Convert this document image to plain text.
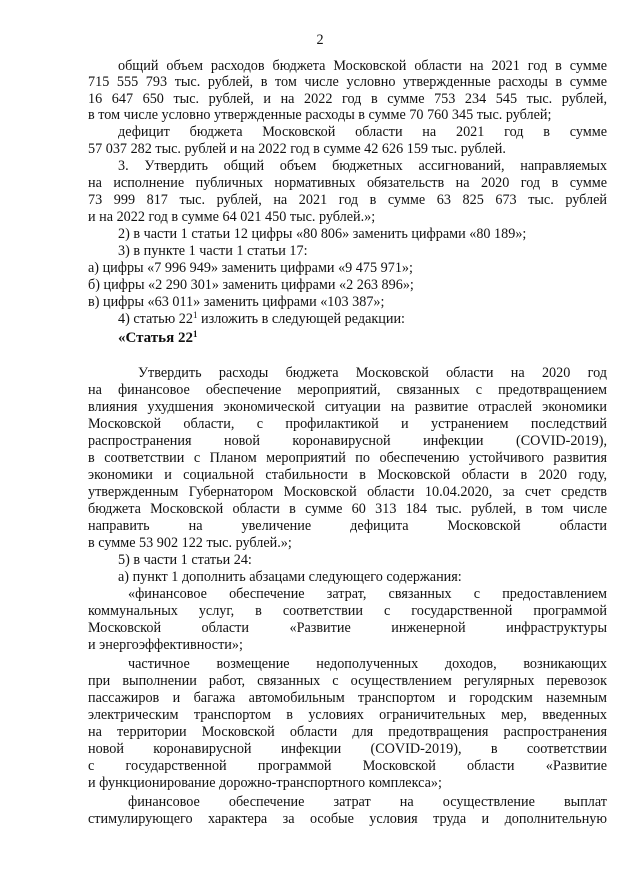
2
общий объем расходов бюджета Московской области на 2021 год в сумме
715 555 793 тыс. рублей, в том числе условно утвержденные расходы в сумме
16 647 650 тыс. рублей, и на 2022 год в сумме 753 234 545 тыс. рублей,
в том числе условно утвержденные расходы в сумме 70 760 345 тыс. рублей;
дефицит бюджета Московской области на 2021 год в сумме
57 037 282 тыс. рублей и на 2022 год в сумме 42 626 159 тыс. рублей.
3. Утвердить общий объем бюджетных ассигнований, направляемых
на исполнение публичных нормативных обязательств на 2020 год в сумме
73 999 817 тыс. рублей, на 2021 год в сумме 63 825 673 тыс. рублей
и на 2022 год в сумме 64 021 450 тыс. рублей.»;
2) в части 1 статьи 12 цифры «80 806» заменить цифрами «80 189»;
3) в пункте 1 части 1 статьи 17:
а) цифры «7 996 949» заменить цифрами «9 475 971»;
б) цифры «2 290 301» заменить цифрами «2 263 896»;
в) цифры «63 011» заменить цифрами «103 387»;
4) статью $22^1$ изложить в следующей редакции:
«Статья $22^1$
Утвердить расходы бюджета Московской области на 2020 год
на финансовое обеспечение мероприятий, связанных с предотвращением
влияния ухудшения экономической ситуации на развитие отраслей экономики
Московской области, с профилактикой и устранением последствий
распространения новой коронавирусной инфекции (COVID-2019),
в соответствии с Планом мероприятий по обеспечению устойчивого развития
экономики и социальной стабильности в Московской области в 2020 году,
утвержденным Губернатором Московской области 10.04.2020, за счет средств
бюджета Московской области в сумме 60 313 184 тыс. рублей, в том числе
направить на увеличение дефицита Московской области
в сумме 53 902 122 тыс. рублей.»;
5) в части 1 статьи 24:
а) пункт 1 дополнить абзацами следующего содержания:
«финансовое обеспечение затрат, связанных с предоставлением
коммунальных услуг, в соответствии с государственной программой
Московской области «Развитие инженерной инфраструктуры
и энергоэффективности»;
частичное возмещение недополученных доходов, возникающих
при выполнении работ, связанных с осуществлением регулярных перевозок
пассажиров и багажа автомобильным транспортом и городским наземным
электрическим транспортом в условиях ограничительных мер, введенных
на территории Московской области для предотвращения распространения
новой коронавирусной инфекции (COVID-2019), в соответствии
с государственной программой Московской области «Развитие
и функционирование дорожно-транспортного комплекса»;
финансовое обеспечение затрат на осуществление выплат
стимулирующего характера за особые условия труда и дополнительную
